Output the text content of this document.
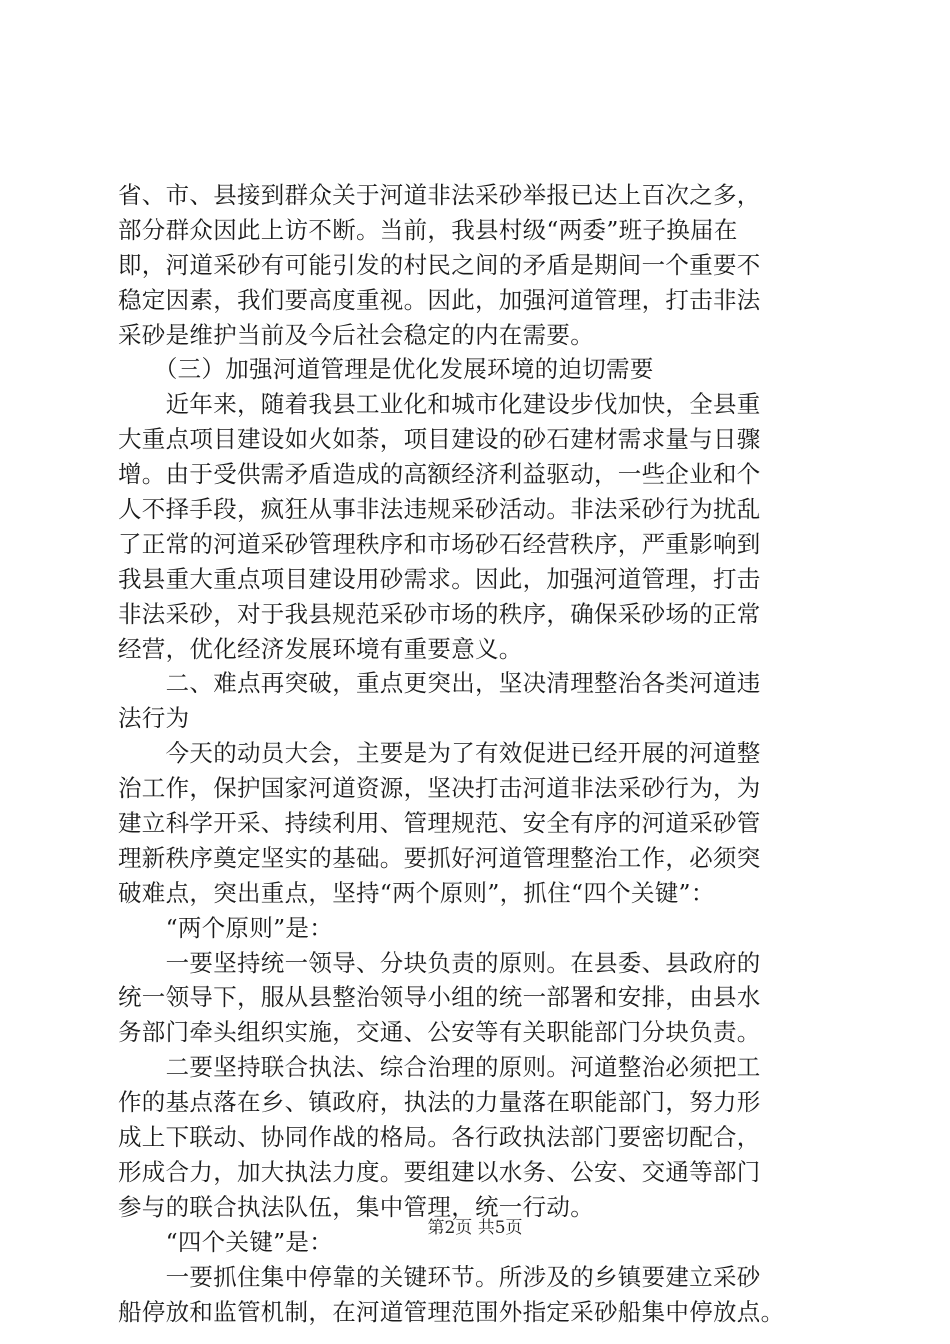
省、市、县接到群众关于河道非法采砂举报已达上百次之多，
部分群众因此上访不断。当前，我县村级“两委”班子换届在
即，河道采砂有可能引发的村民之间的矛盾是期间一个重要不
稳定因素，我们要高度重视。因此，加强河道管理，打击非法
采砂是维护当前及今后社会稳定的内在需要。
　　（三）加强河道管理是优化发展环境的迫切需要
　　近年来，随着我县工业化和城市化建设步伐加快，全县重
大重点项目建设如火如荼，项目建设的砂石建材需求量与日骤
增。由于受供需矛盾造成的高额经济利益驱动，一些企业和个
人不择手段，疯狂从事非法违规采砂活动。非法采砂行为扰乱
了正常的河道采砂管理秩序和市场砂石经营秩序，严重影响到
我县重大重点项目建设用砂需求。因此，加强河道管理，打击
非法采砂，对于我县规范采砂市场的秩序，确保采砂场的正常
经营，优化经济发展环境有重要意义。
　　二、难点再突破，重点更突出，坚决清理整治各类河道违
法行为
　　今天的动员大会，主要是为了有效促进已经开展的河道整
治工作，保护国家河道资源，坚决打击河道非法采砂行为，为
建立科学开采、持续利用、管理规范、安全有序的河道采砂管
理新秩序奠定坚实的基础。要抓好河道管理整治工作，必须突
破难点，突出重点，坚持“两个原则”，抓住“四个关键”：
　　“两个原则”是：
　　一要坚持统一领导、分块负责的原则。在县委、县政府的
统一领导下，服从县整治领导小组的统一部署和安排，由县水
务部门牵头组织实施，交通、公安等有关职能部门分块负责。
　　二要坚持联合执法、综合治理的原则。河道整治必须把工
作的基点落在乡、镇政府，执法的力量落在职能部门，努力形
成上下联动、协同作战的格局。各行政执法部门要密切配合，
形成合力，加大执法力度。要组建以水务、公安、交通等部门
参与的联合执法队伍，集中管理，统一行动。
　　“四个关键”是：
　　一要抓住集中停靠的关键环节。所涉及的乡镇要建立采砂
船停放和监管机制，在河道管理范围外指定采砂船集中停放点。
第2页 共5页
